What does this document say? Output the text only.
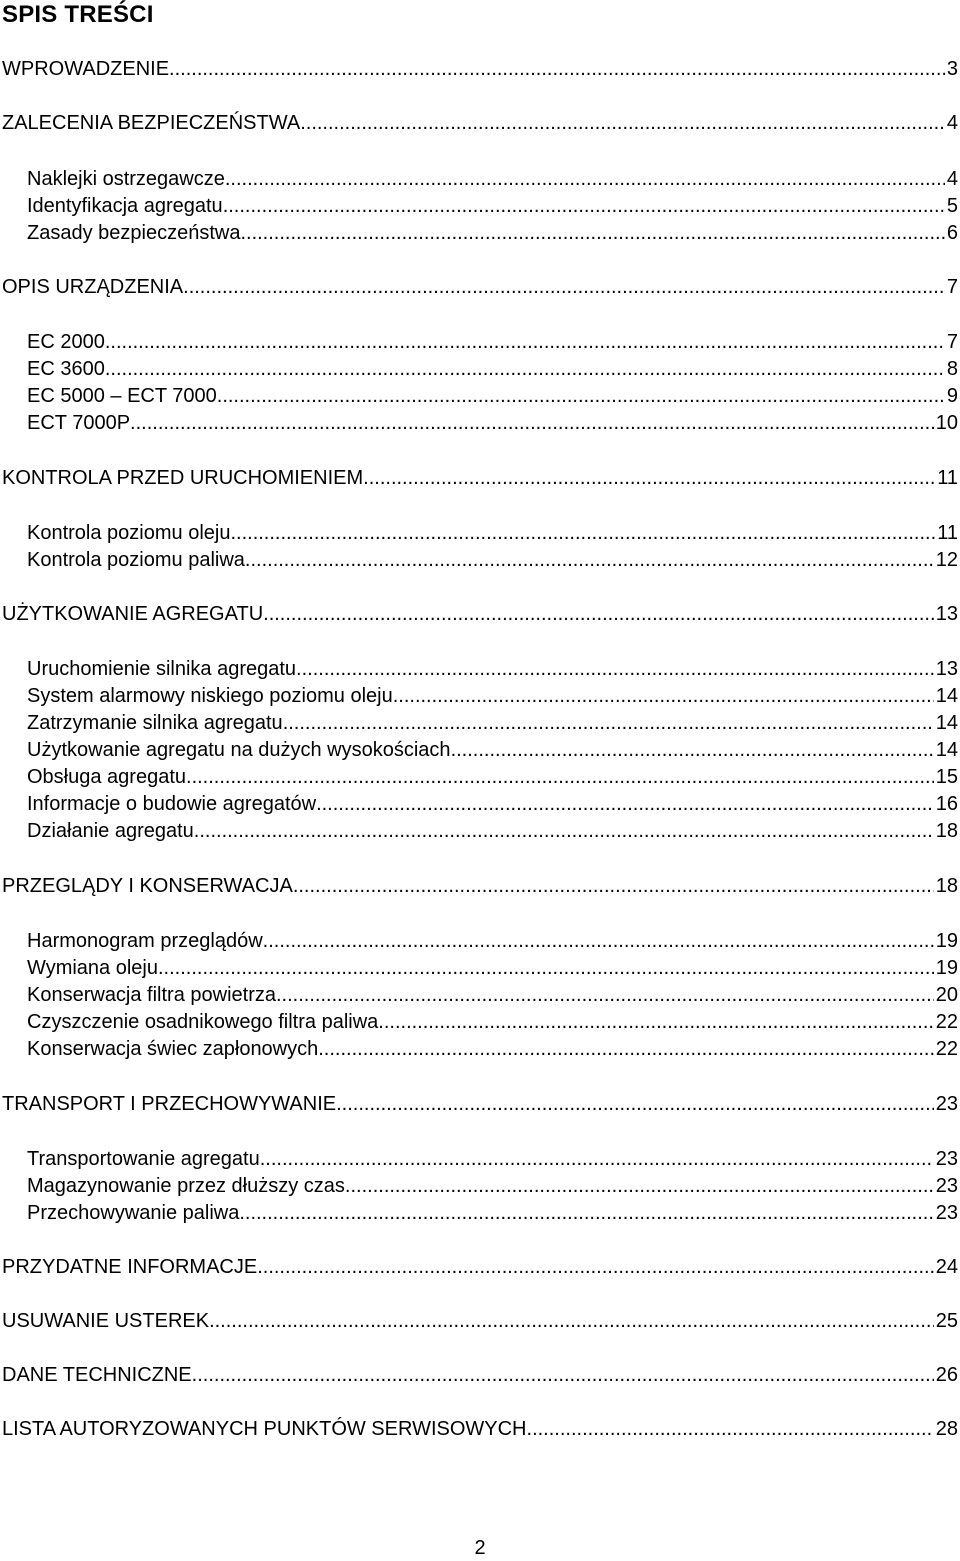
SPIS TREŚCI
WPROWADZENIE .....	3
ZALECENIA BEZPIECZEŃSTWA .....	4
Naklejki ostrzegawcze .....	4
Identyfikacja agregatu .....	5
Zasady bezpieczeństwa .....	6
OPIS URZĄDZENIA .....	7
EC 2000 .....	7
EC 3600 .....	8
EC 5000 – ECT 7000 .....	9
ECT 7000P .....	10
KONTROLA PRZED URUCHOMIENIEM .....	11
Kontrola poziomu oleju .....	11
Kontrola poziomu paliwa .....	12
UŻYTKOWANIE AGREGATU .....	13
Uruchomienie silnika agregatu .....	13
System alarmowy niskiego poziomu oleju .....	14
Zatrzymanie silnika agregatu .....	14
Użytkowanie agregatu na dużych wysokościach .....	14
Obsługa agregatu .....	15
Informacje o budowie agregatów .....	16
Działanie agregatu .....	18
PRZEGLĄDY I KONSERWACJA .....	18
Harmonogram przeglądów .....	19
Wymiana oleju .....	19
Konserwacja filtra powietrza .....	20
Czyszczenie osadnikowego filtra paliwa .....	22
Konserwacja świec zapłonowych .....	22
TRANSPORT I PRZECHOWYWANIE .....	23
Transportowanie agregatu .....	23
Magazynowanie przez dłuższy czas .....	23
Przechowywanie paliwa .....	23
PRZYDATNE INFORMACJE .....	24
USUWANIE USTEREK .....	25
DANE TECHNICZNE .....	26
LISTA AUTORYZOWANYCH PUNKTÓW SERWISOWYCH .....	28
2
